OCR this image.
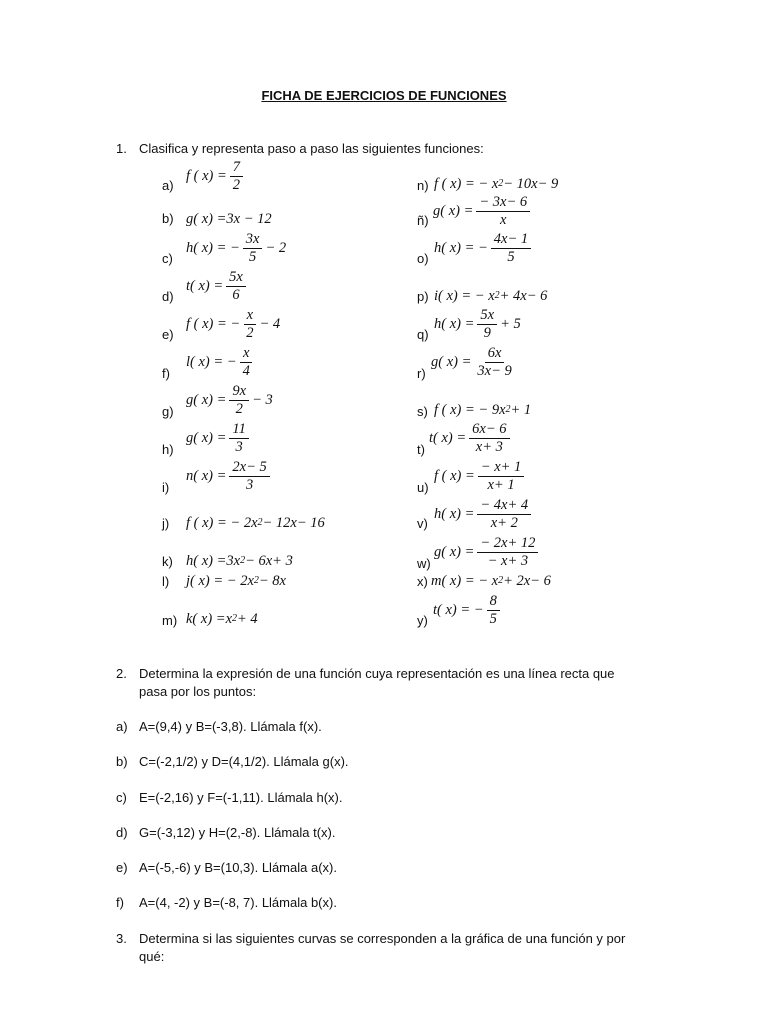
FICHA DE EJERCICIOS DE FUNCIONES
1. Clasifica y representa paso a paso las siguientes funciones:
a)
f ( $x) = \frac{7}{2}$
b) g( x) =3x − 12
c)
h( x) = − $\frac{3x}{5} - 2$
d)
t( $x) = \frac{5x}{6}$
e)
f ( x) = − $\frac{x}{2} - 4$
f)
l( x) = − $\frac{x}{4}$
g)
g( $x) = \frac{9x}{2} - 3$
h)
g( $x) = \frac{11}{3}$
i)
n( $x) = \frac{2x- 5}{3}$
j) f ( x) = − 2x 2 − 12x− 16
k) h( x) =3x 2 − 6x+ 3
l) j( x) = − 2x 2 − 8x
m) k( x) =x 2 + 4
n) f ( x) = − x 2 − 10x− 9
ñ)
g( $x) = \frac{- 3x- 6}{x}$
o)
h( x) = − $\frac{4x- 1}{5}$
p) i( x) = − x 2 + 4x− 6
q)
h( $x) = \frac{5x}{9} + 5$
r)
g( $x) = \frac{6x}{3x- 9}$
s) f ( x) = − 9x 2 + 1
t)
t( $x) = \frac{6x- 6}{x+ 3}$
u)
f ( $x) = \frac{- x+ 1}{x+ 1}$
v)
h( $x) = \frac{- 4x+ 4}{x+ 2}$
w)
g( $x) = \frac{- 2x+ 12}{- x+ 3}$
x) m( x) = − x 2 + 2x− 6
y)
t( x) = − $\frac{8}{5}$
2. Determina la expresión de una función cuya representación es una línea recta que
pasa por los puntos:
a) A=(9,4) y B=(-3,8). Llámala f(x).
b) C=(-2,1/2) y D=(4,1/2). Llámala g(x).
c) E=(-2,16) y F=(-1,11). Llámala h(x).
d) G=(-3,12) y H=(2,-8). Llámala t(x).
e) A=(-5,-6) y B=(10,3). Llámala a(x).
f) A=(4, -2) y B=(-8, 7). Llámala b(x).
3. Determina si las siguientes curvas se corresponden a la gráfica de una función y por
qué:
